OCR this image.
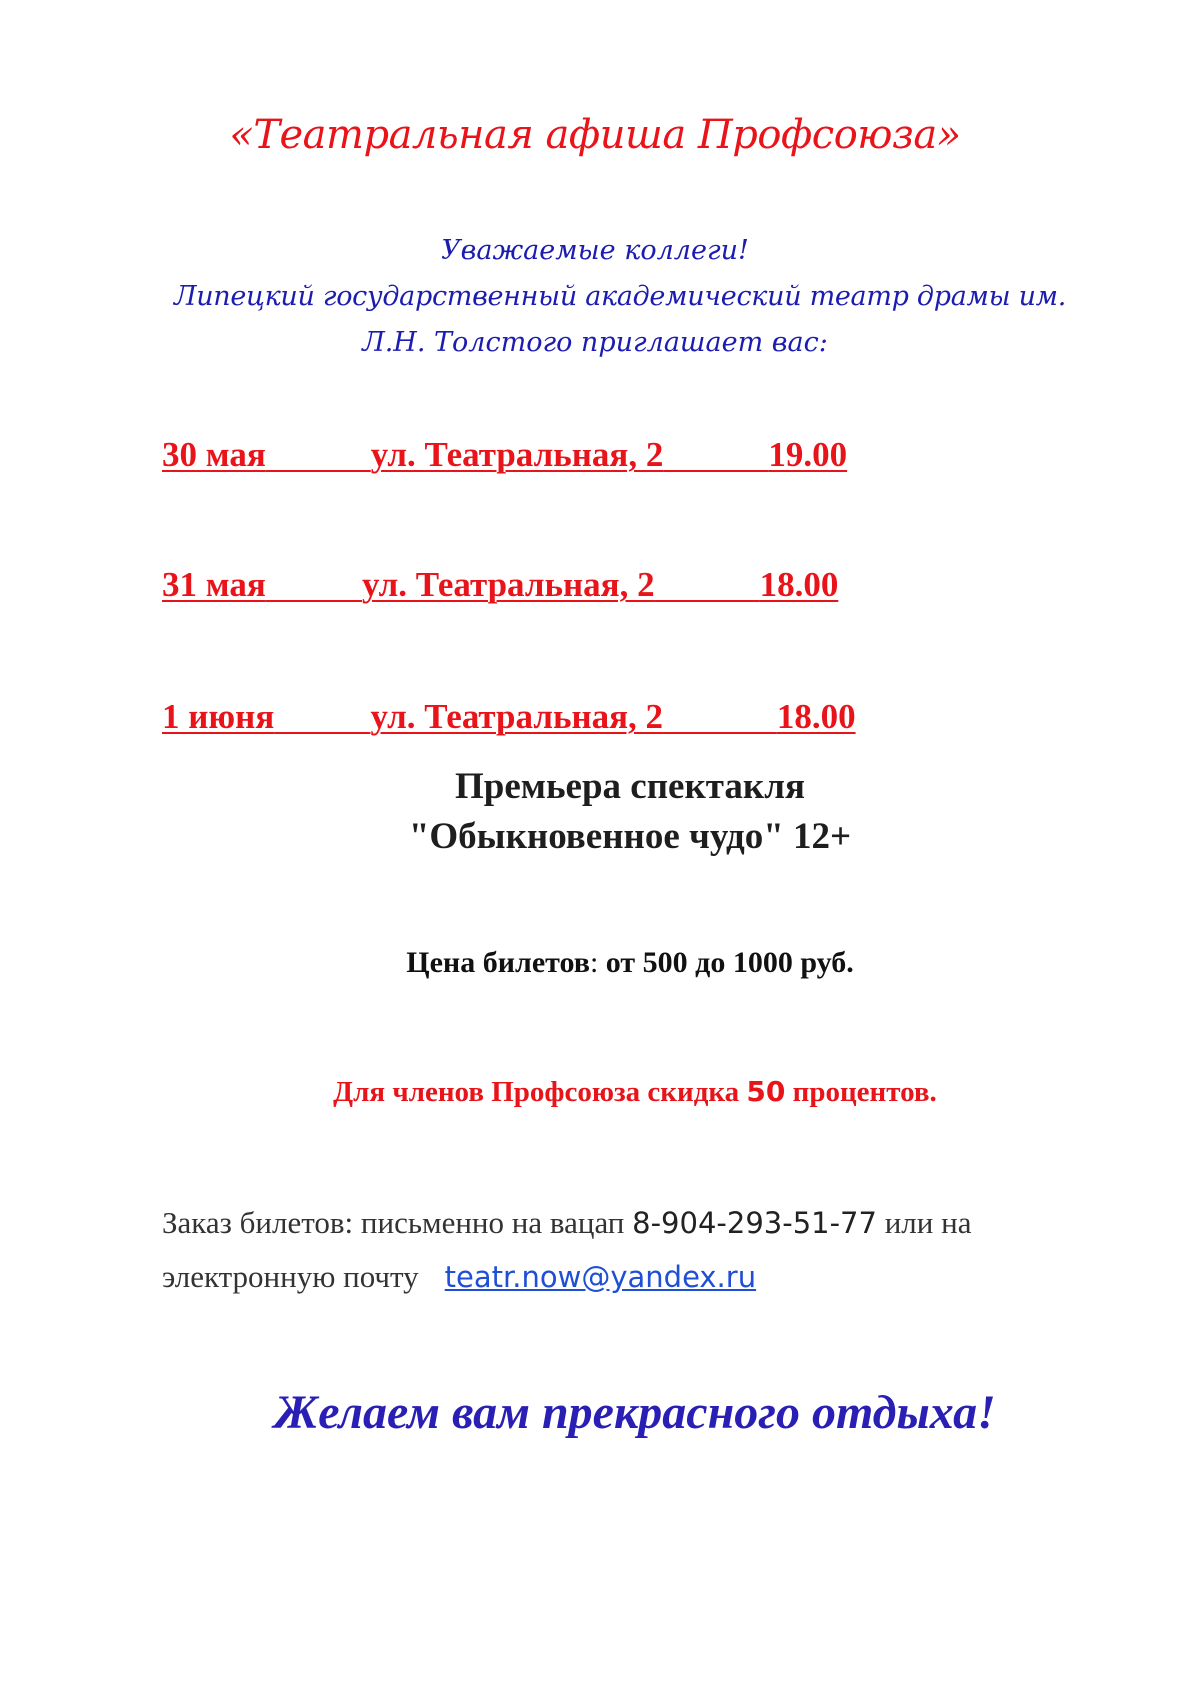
«Театральная афиша Профсоюза»
Уважаемые коллеги!
Липецкий государственный академический театр драмы им.
Л.Н. Толстого приглашает вас:
30 мая	ул. Театральная, 2	19.00
31 мая	ул. Театральная, 2	18.00
1 июня	ул. Театральная, 2	18.00
Премьера спектакля
"Обыкновенное чудо" 12+
Цена билетов: от 500 до 1000 руб.
Для членов Профсоюза скидка 50 процентов.
Заказ билетов: письменно на вацап 8-904-293-51-77 или на
электронную почту teatr.now@yandex.ru
Желаем вам прекрасного отдыха!
